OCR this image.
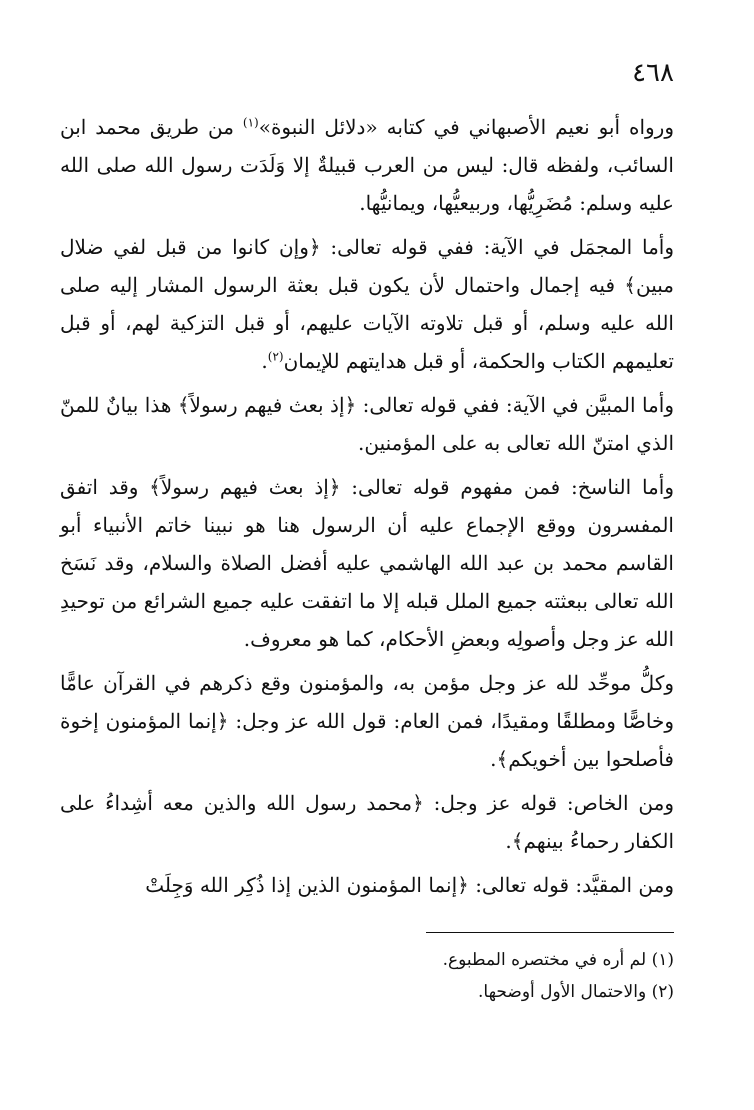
٤٦٨

ورواه أبو نعيم الأصبهاني في كتابه «دلائل النبوة»$^{(١)}$ من طريق محمد ابن السائب، ولفظه قال: ليس من العرب قبيلةٌ إلا وَلَدَت رسول الله صلى الله عليه وسلم: مُضَرِيُّها، وربيعيُّها، ويمانيُّها.

وأما المجمَل في الآية: ففي قوله تعالى: ﴿وإن كانوا من قبل لفي ضلال مبين﴾ فيه إجمال واحتمال لأن يكون قبل بعثة الرسول المشار إليه صلى الله عليه وسلم، أو قبل تلاوته الآيات عليهم، أو قبل التزكية لهم، أو قبل تعليمهم الكتاب والحكمة، أو قبل هدايتهم للإيمان$^{(٢)}$.

وأما المبيَّن في الآية: ففي قوله تعالى: ﴿إذ بعث فيهم رسولاً﴾ هذا بيانٌ للمنّ الذي امتنّ الله تعالى به على المؤمنين.

وأما الناسخ: فمن مفهوم قوله تعالى: ﴿إذ بعث فيهم رسولاً﴾ وقد اتفق المفسرون ووقع الإجماع عليه أن الرسول هنا هو نبينا خاتم الأنبياء أبو القاسم محمد بن عبد الله الهاشمي عليه أفضل الصلاة والسلام، وقد نَسَخ الله تعالى ببعثته جميع الملل قبله إلا ما اتفقت عليه جميع الشرائع من توحيدِ الله عز وجل وأصولِه وبعضِ الأحكام، كما هو معروف.

وكلُّ موحِّد لله عز وجل مؤمن به، والمؤمنون وقع ذكرهم في القرآن عامًّا وخاصًّا ومطلقًا ومقيدًا، فمن العام: قول الله عز وجل: ﴿إنما المؤمنون إخوة فأصلحوا بين أخويكم﴾.

ومن الخاص: قوله عز وجل: ﴿محمد رسول الله والذين معه أشِداءُ على الكفار رحماءُ بينهم﴾.

ومن المقيَّد: قوله تعالى: ﴿إنما المؤمنون الذين إذا ذُكِر الله وَجِلَتْ

(١) لم أره في مختصره المطبوع.

(٢) والاحتمال الأول أوضحها.
